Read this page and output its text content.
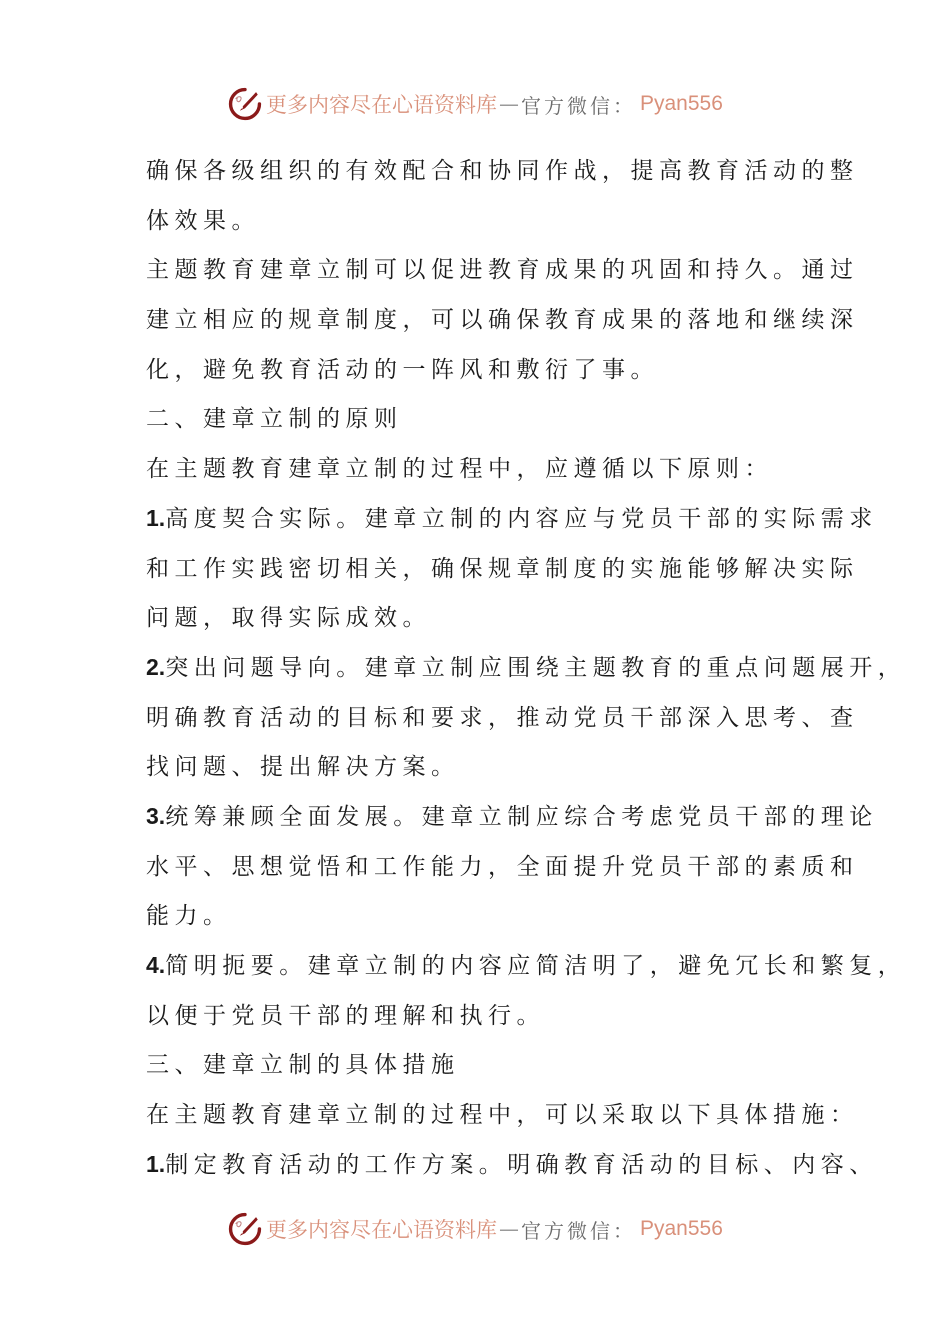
更多内容尽在心语资料库 — 官方微信： Pyan556
确保各级组织的有效配合和协同作战，提高教育活动的整
体效果。
主题教育建章立制可以促进教育成果的巩固和持久。通过
建立相应的规章制度，可以确保教育成果的落地和继续深
化，避免教育活动的一阵风和敷衍了事。
二、建章立制的原则
在主题教育建章立制的过程中，应遵循以下原则：
1.高度契合实际。建章立制的内容应与党员干部的实际需求
和工作实践密切相关，确保规章制度的实施能够解决实际
问题，取得实际成效。
2.突出问题导向。建章立制应围绕主题教育的重点问题展开，
明确教育活动的目标和要求，推动党员干部深入思考、查
找问题、提出解决方案。
3.统筹兼顾全面发展。建章立制应综合考虑党员干部的理论
水平、思想觉悟和工作能力，全面提升党员干部的素质和
能力。
4.简明扼要。建章立制的内容应简洁明了，避免冗长和繁复，
以便于党员干部的理解和执行。
三、建章立制的具体措施
在主题教育建章立制的过程中，可以采取以下具体措施：
1.制定教育活动的工作方案。明确教育活动的目标、内容、
更多内容尽在心语资料库 — 官方微信： Pyan556
